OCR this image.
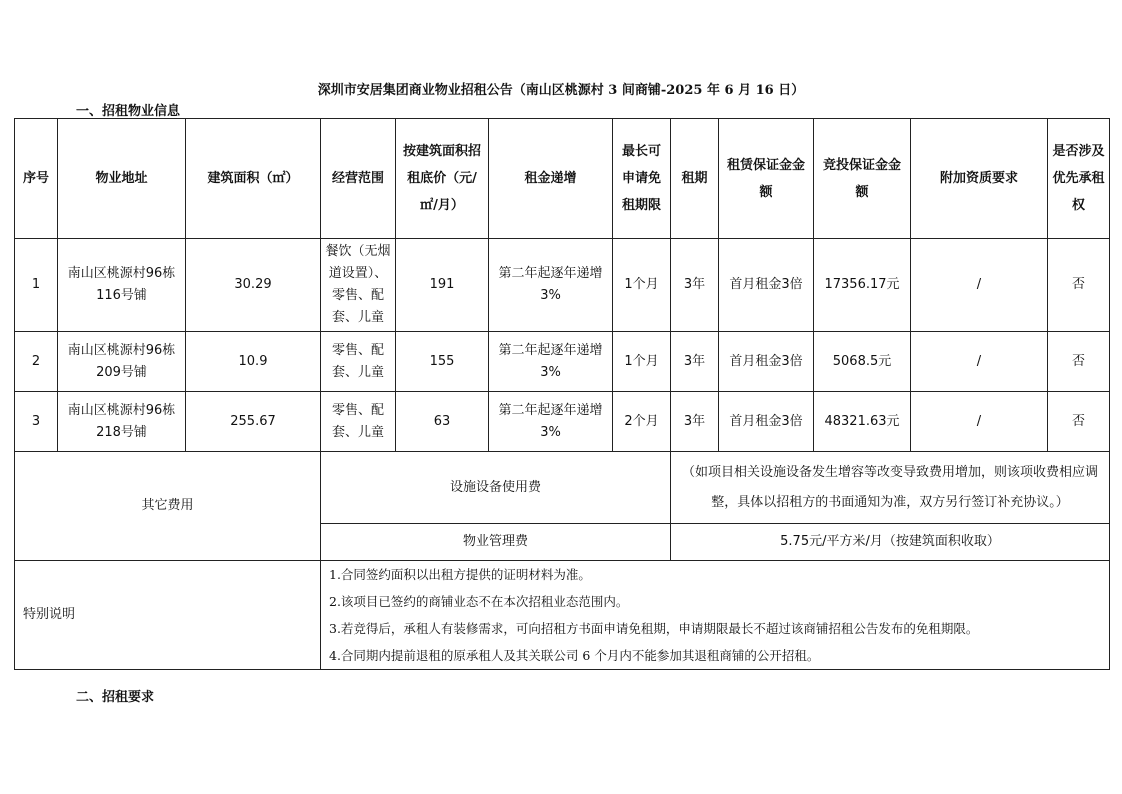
深圳市安居集团商业物业招租公告（南山区桃源村 3 间商铺-2025 年 6 月 16 日）
一、招租物业信息
序号	物业地址	建筑面积（㎡）	经营范围	按建筑面积招租底价（元/㎡/月）	租金递增	最长可申请免租期限	租期	租赁保证金金额	竞投保证金金额	附加资质要求	是否涉及优先承租权
1	南山区桃源村96栋116号铺	30.29	餐饮（无烟道设置）、零售、配套、儿童	191	第二年起逐年递增3%	1个月	3年	首月租金3倍	17356.17元	/	否
2	南山区桃源村96栋209号铺	10.9	零售、配套、儿童	155	第二年起逐年递增3%	1个月	3年	首月租金3倍	5068.5元	/	否
3	南山区桃源村96栋218号铺	255.67	零售、配套、儿童	63	第二年起逐年递增3%	2个月	3年	首月租金3倍	48321.63元	/	否
其它费用			设施设备使用费				（如项目相关设施设备发生增容等改变导致费用增加，则该项收费相应调整，具体以招租方的书面通知为准，双方另行签订补充协议。）				
			物业管理费				5.75元/平方米/月（按建筑面积收取）				
特别说明			1.合同签约面积以出租方提供的证明材料为准。
2.该项目已签约的商铺业态不在本次招租业态范围内。
3.若竞得后，承租人有装修需求，可向招租方书面申请免租期，申请期限最长不超过该商铺招租公告发布的免租期限。
4.合同期内提前退租的原承租人及其关联公司 6 个月内不能参加其退租商铺的公开招租。								
二、招租要求
